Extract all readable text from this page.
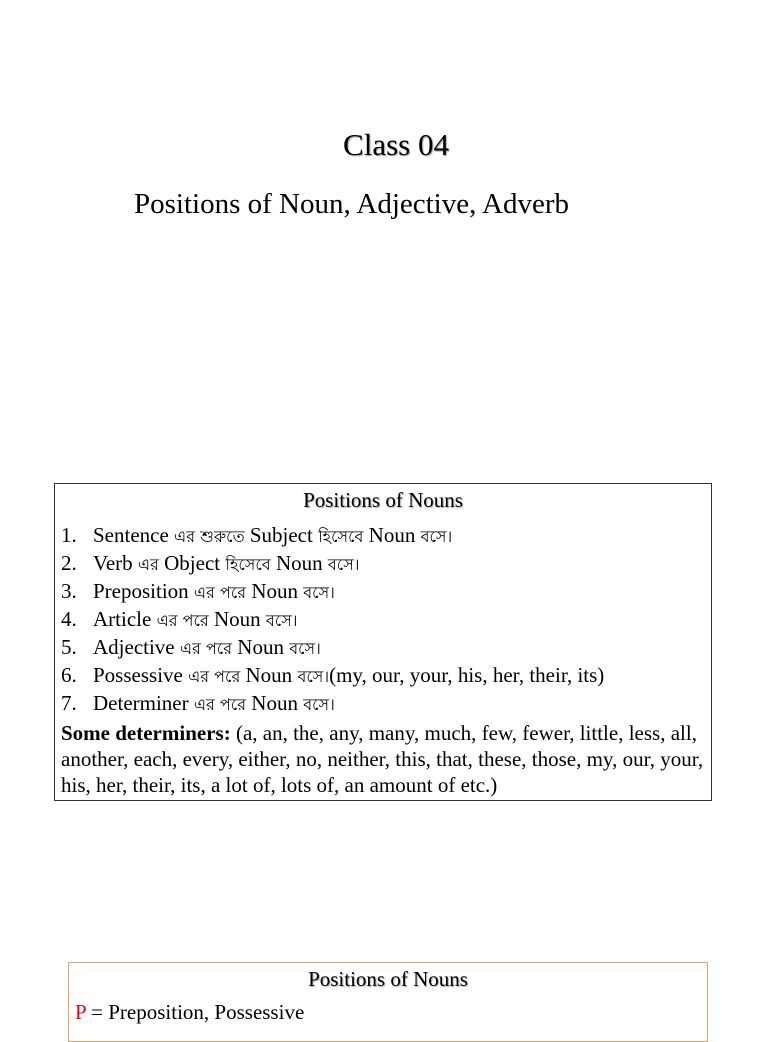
Class 04
Positions of Noun, Adjective, Adverb
Positions of Nouns
1. Sentence এর শুরুতে Subject হিসেবে Noun বসে।
2. Verb এর Object হিসেবে Noun বসে।
3. Preposition এর পরে Noun বসে।
4. Article এর পরে Noun বসে।
5. Adjective এর পরে Noun বসে।
6. Possessive এর পরে Noun বসে।(my, our, your, his, her, their, its)
7. Determiner এর পরে Noun বসে।
Some determiners: (a, an, the, any, many, much, few, fewer, little, less, all, another, each, every, either, no, neither, this, that, these, those, my, our, your, his, her, their, its, a lot of, lots of, an amount of etc.)
Positions of Nouns
P = Preposition, Possessive
